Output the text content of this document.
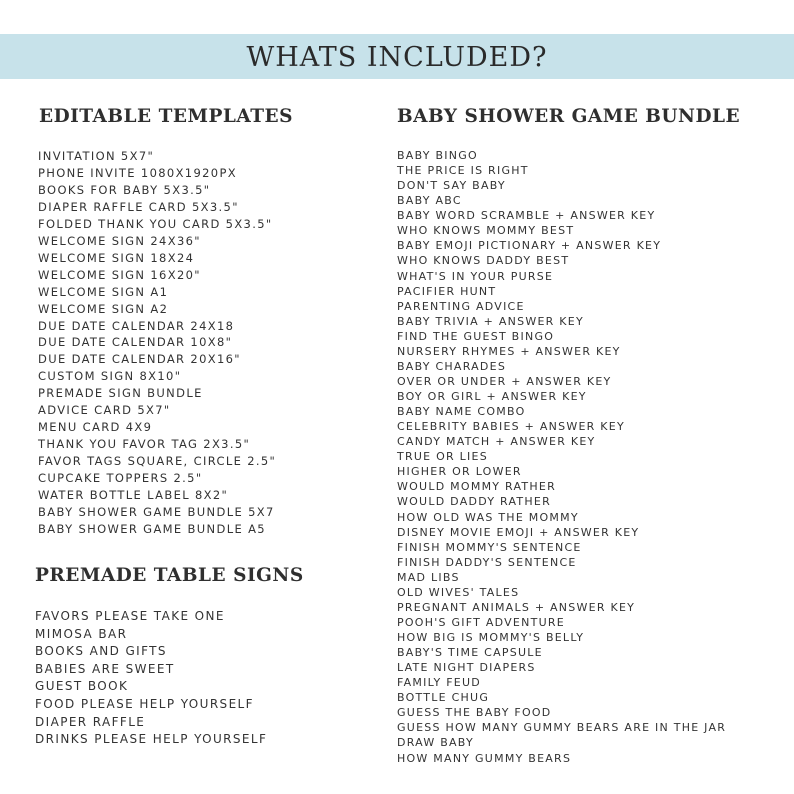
WHATS INCLUDED?
EDITABLE TEMPLATES
INVITATION 5X7"
PHONE INVITE 1080X1920PX
BOOKS FOR BABY 5X3.5"
DIAPER RAFFLE CARD 5X3.5"
FOLDED THANK YOU CARD 5X3.5"
WELCOME SIGN 24X36"
WELCOME SIGN 18X24
WELCOME SIGN 16X20"
WELCOME SIGN A1
WELCOME SIGN A2
DUE DATE CALENDAR 24X18
DUE DATE CALENDAR 10X8"
DUE DATE CALENDAR 20X16"
CUSTOM SIGN 8X10"
PREMADE SIGN BUNDLE
ADVICE CARD 5X7"
MENU CARD 4X9
THANK YOU FAVOR TAG 2X3.5"
FAVOR TAGS SQUARE, CIRCLE 2.5"
CUPCAKE TOPPERS 2.5"
WATER BOTTLE LABEL 8X2"
BABY SHOWER GAME BUNDLE 5X7
BABY SHOWER GAME BUNDLE A5
PREMADE TABLE SIGNS
FAVORS PLEASE TAKE ONE
MIMOSA BAR
BOOKS AND GIFTS
BABIES ARE SWEET
GUEST BOOK
FOOD PLEASE HELP YOURSELF
DIAPER RAFFLE
DRINKS PLEASE HELP YOURSELF
BABY SHOWER GAME BUNDLE
BABY BINGO
THE PRICE IS RIGHT
DON'T SAY BABY
BABY ABC
BABY WORD SCRAMBLE + ANSWER KEY
WHO KNOWS MOMMY BEST
BABY EMOJI PICTIONARY + ANSWER KEY
WHO KNOWS DADDY BEST
WHAT'S IN YOUR PURSE
PACIFIER HUNT
PARENTING ADVICE
BABY TRIVIA + ANSWER KEY
FIND THE GUEST BINGO
NURSERY RHYMES + ANSWER KEY
BABY CHARADES
OVER OR UNDER + ANSWER KEY
BOY OR GIRL + ANSWER KEY
BABY NAME COMBO
CELEBRITY BABIES + ANSWER KEY
CANDY MATCH + ANSWER KEY
TRUE OR LIES
HIGHER OR LOWER
WOULD MOMMY RATHER
WOULD DADDY RATHER
HOW OLD WAS THE MOMMY
DISNEY MOVIE EMOJI + ANSWER KEY
FINISH MOMMY'S SENTENCE
FINISH DADDY'S SENTENCE
MAD LIBS
OLD WIVES' TALES
PREGNANT ANIMALS + ANSWER KEY
POOH'S GIFT ADVENTURE
HOW BIG IS MOMMY'S BELLY
BABY'S TIME CAPSULE
LATE NIGHT DIAPERS
FAMILY FEUD
BOTTLE CHUG
GUESS THE BABY FOOD
GUESS HOW MANY GUMMY BEARS ARE IN THE JAR
DRAW BABY
HOW MANY GUMMY BEARS
